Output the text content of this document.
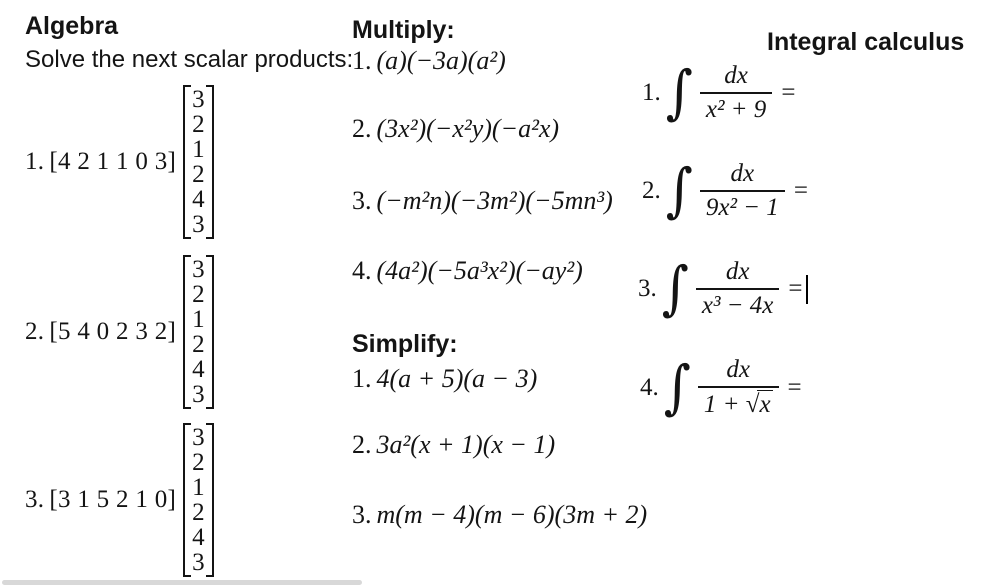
Algebra
Solve the next scalar products:
1. [4 2 1 1 0 3]
3
2
1
2
4
3
2. [5 4 0 2 3 2]
3
2
1
2
4
3
3. [3 1 5 2 1 0]
3
2
1
2
4
3
Multiply:
1. (a)(−3a)(a²)
2. (3x²)(−x²y)(−a²x)
3. (−m²n)(−3m²)(−5mn³)
4. (4a²)(−5a³x²)(−ay²)
Simplify:
1. 4(a + 5)(a − 3)
2. 3a²(x + 1)(x − 1)
3. m(m − 4)(m − 6)(3m + 2)
Integral calculus
1. ∫ $\frac{dx}{\text{x² + 9}}$ =
2. ∫ $\frac{dx}{\text{9x² − 1}}$ =
3. ∫ $\frac{dx}{\text{x³ − 4x}}$ =
4. ∫ $\frac{dx}{1 + √ x}$ =
